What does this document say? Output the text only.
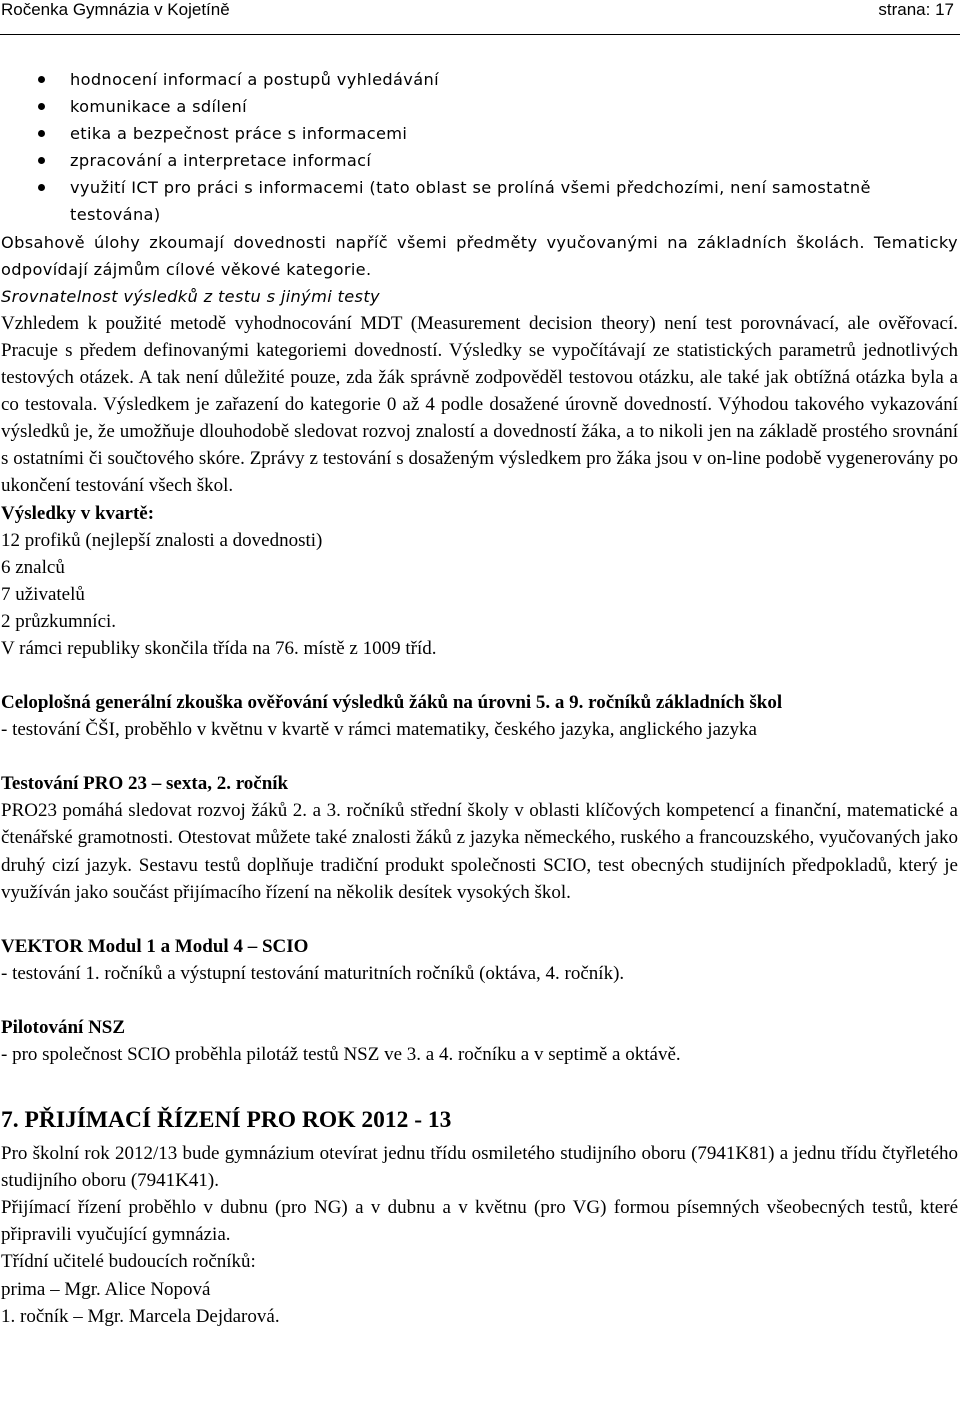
Ročenka Gymnázia v Kojetíně	strana: 17
hodnocení informací a postupů vyhledávání
komunikace a sdílení
etika a bezpečnost práce s informacemi
zpracování a interpretace informací
využití ICT pro práci s informacemi (tato oblast se prolíná všemi předchozími, není samostatně testována)

Obsahově úlohy zkoumají dovednosti napříč všemi předměty vyučovanými na základních školách. Tematicky odpovídají zájmům cílové věkové kategorie.

Srovnatelnost výsledků z testu s jinými testy

Vzhledem k použité metodě vyhodnocování MDT (Measurement decision theory) není test porovnávací, ale ověřovací. Pracuje s předem definovanými kategoriemi dovedností. Výsledky se vypočítávají ze statistických parametrů jednotlivých testových otázek. A tak není důležité pouze, zda žák správně zodpověděl testovou otázku, ale také jak obtížná otázka byla a co testovala. Výsledkem je zařazení do kategorie 0 až 4 podle dosažené úrovně dovedností. Výhodou takového vykazování výsledků je, že umožňuje dlouhodobě sledovat rozvoj znalostí a dovedností žáka, a to nikoli jen na základě prostého srovnání s ostatními či součtového skóre. Zprávy z testování s dosaženým výsledkem pro žáka jsou v on-line podobě vygenerovány po ukončení testování všech škol.

Výsledky v kvartě:

12 profiků (nejlepší znalosti a dovednosti)

6 znalců

7 uživatelů

2 průzkumníci.

V rámci republiky skončila třída na 76. místě z 1009 tříd.

Celoplošná generální zkouška ověřování výsledků žáků na úrovni 5. a 9. ročníků základních škol

- testování ČŠI, proběhlo v květnu v kvartě v rámci matematiky, českého jazyka, anglického jazyka

Testování PRO 23 – sexta, 2. ročník

PRO23 pomáhá sledovat rozvoj žáků 2. a 3. ročníků střední školy v oblasti klíčových kompetencí a finanční, matematické a čtenářské gramotnosti. Otestovat můžete také znalosti žáků z jazyka německého, ruského a francouzského, vyučovaných jako druhý cizí jazyk. Sestavu testů doplňuje tradiční produkt společnosti SCIO, test obecných studijních předpokladů, který je využíván jako součást přijímacího řízení na několik desítek vysokých škol.

VEKTOR Modul 1 a Modul 4 – SCIO

- testování 1. ročníků a výstupní testování maturitních ročníků (oktáva, 4. ročník).

Pilotování NSZ

- pro společnost SCIO proběhla pilotáž testů NSZ ve 3. a 4. ročníku a v septimě a oktávě.

7. PŘIJÍMACÍ ŘÍZENÍ PRO ROK 2012 - 13

Pro školní rok 2012/13 bude gymnázium otevírat jednu třídu osmiletého studijního oboru (7941K81) a jednu třídu čtyřletého studijního oboru (7941K41).

Přijímací řízení proběhlo v dubnu (pro NG) a v dubnu a v květnu (pro VG) formou písemných všeobecných testů, které připravili vyučující gymnázia.

Třídní učitelé budoucích ročníků:

prima – Mgr. Alice Nopová

1. ročník – Mgr. Marcela Dejdarová.
